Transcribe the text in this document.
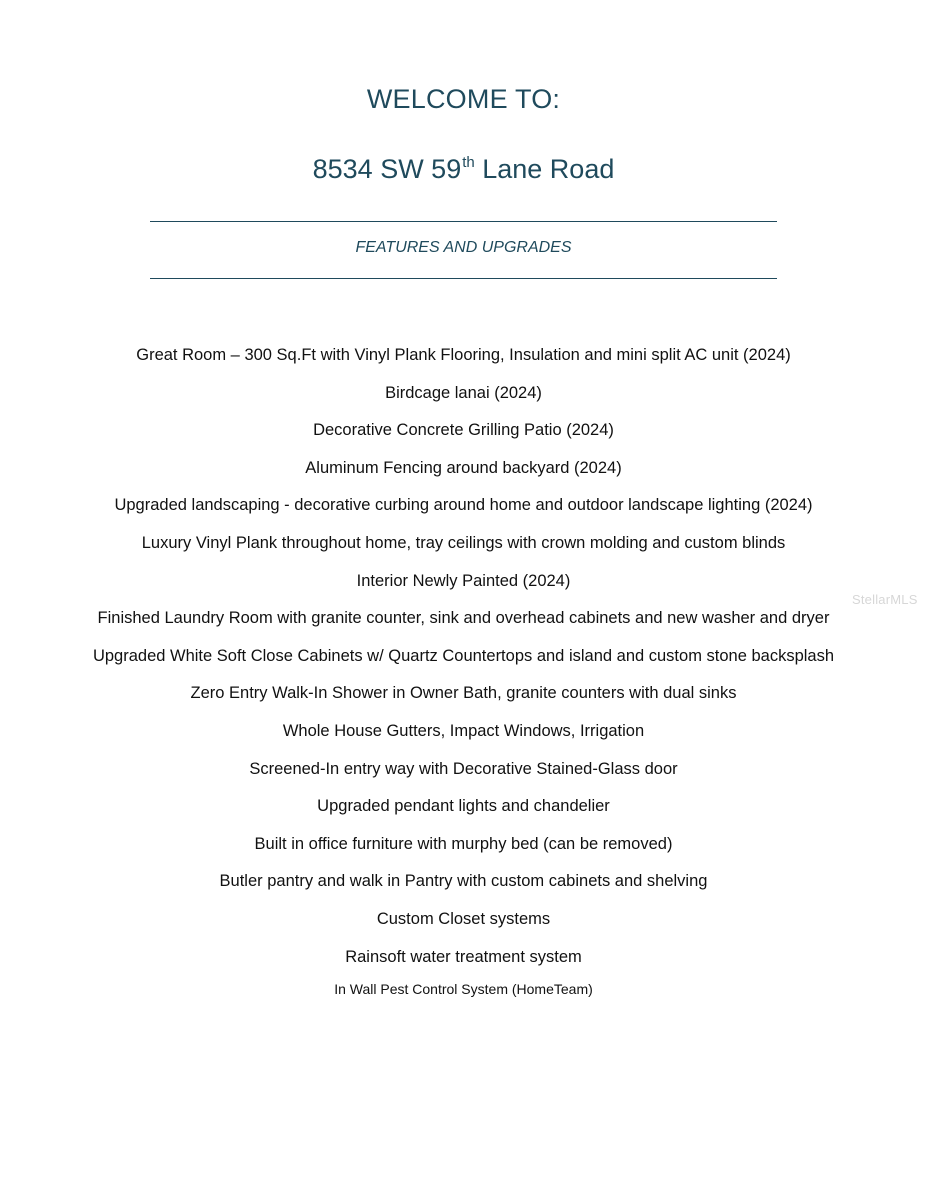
WELCOME TO:
8534 SW 59th Lane Road
FEATURES AND UPGRADES
Great Room – 300 Sq.Ft with Vinyl Plank Flooring, Insulation and mini split AC unit (2024)
Birdcage lanai (2024)
Decorative Concrete Grilling Patio (2024)
Aluminum Fencing around backyard (2024)
Upgraded landscaping - decorative curbing around home and outdoor landscape lighting (2024)
Luxury Vinyl Plank throughout home, tray ceilings with crown molding and custom blinds
Interior Newly Painted (2024)
Finished Laundry Room with granite counter, sink and overhead cabinets and new washer and dryer
Upgraded White Soft Close Cabinets w/ Quartz Countertops and island and custom stone backsplash
Zero Entry Walk-In Shower in Owner Bath, granite counters with dual sinks
Whole House Gutters, Impact Windows, Irrigation
Screened-In entry way with Decorative Stained-Glass door
Upgraded pendant lights and chandelier
Built in office furniture with murphy bed (can be removed)
Butler pantry and walk in Pantry with custom cabinets and shelving
Custom Closet systems
Rainsoft water treatment system
In Wall Pest Control System (HomeTeam)
StellarMLS
